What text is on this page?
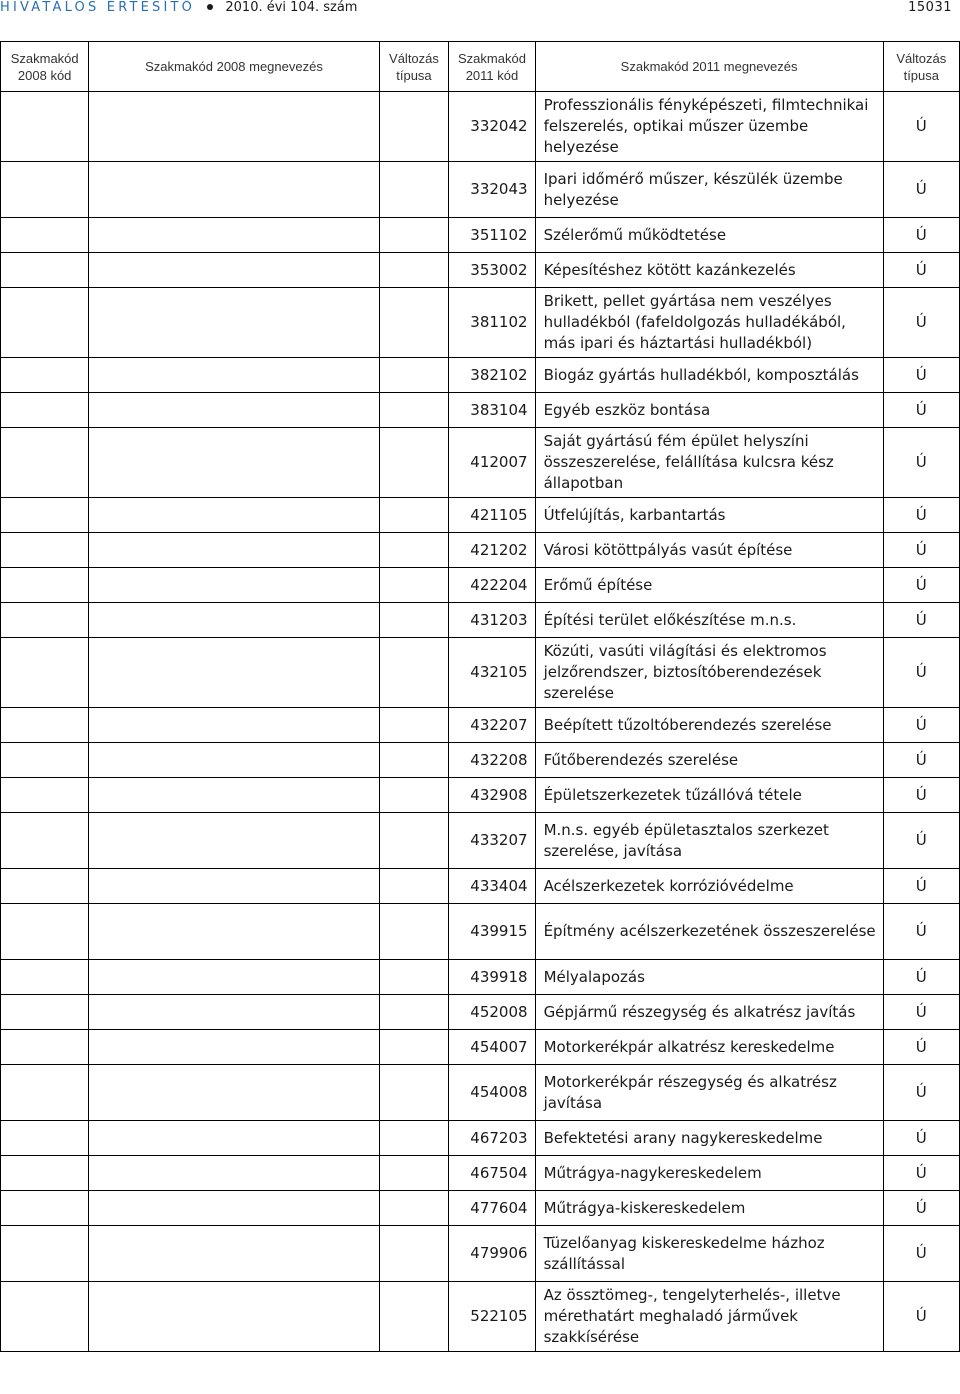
HIVATALOS ÉRTESÍTŐ 2010. évi 104. szám	15031
Szakmakód 2008 kód	Szakmakód 2008 megnevezés	Változás típusa	Szakmakód 2011 kód	Szakmakód 2011 megnevezés	Változás típusa
			332042	Professzionális fényképészeti, filmtechnikai felszerelés, optikai műszer üzembe helyezése	Ú
			332043	Ipari időmérő műszer, készülék üzembe helyezése	Ú
			351102	Szélerőmű működtetése	Ú
			353002	Képesítéshez kötött kazánkezelés	Ú
			381102	Brikett, pellet gyártása nem veszélyes hulladékból (fafeldolgozás hulladékából, más ipari és háztartási hulladékból)	Ú
			382102	Biogáz gyártás hulladékból, komposztálás	Ú
			383104	Egyéb eszköz bontása	Ú
			412007	Saját gyártású fém épület helyszíni összeszerelése, felállítása kulcsra kész állapotban	Ú
			421105	Útfelújítás, karbantartás	Ú
			421202	Városi kötöttpályás vasút építése	Ú
			422204	Erőmű építése	Ú
			431203	Építési terület előkészítése m.n.s.	Ú
			432105	Közúti, vasúti világítási és elektromos jelzőrendszer, biztosítóberendezések szerelése	Ú
			432207	Beépített tűzoltóberendezés szerelése	Ú
			432208	Fűtőberendezés szerelése	Ú
			432908	Épületszerkezetek tűzállóvá tétele	Ú
			433207	M.n.s. egyéb épületasztalos szerkezet szerelése, javítása	Ú
			433404	Acélszerkezetek korrózióvédelme	Ú
			439915	Építmény acélszerkezetének összeszerelése	Ú
			439918	Mélyalapozás	Ú
			452008	Gépjármű részegység és alkatrész javítás	Ú
			454007	Motorkerékpár alkatrész kereskedelme	Ú
			454008	Motorkerékpár részegység és alkatrész javítása	Ú
			467203	Befektetési arany nagykereskedelme	Ú
			467504	Műtrágya-nagykereskedelem	Ú
			477604	Műtrágya-kiskereskedelem	Ú
			479906	Tüzelőanyag kiskereskedelme házhoz szállítással	Ú
			522105	Az össztömeg-, tengelyterhelés-, illetve mérethatárt meghaladó járművek szakkísérése	Ú
